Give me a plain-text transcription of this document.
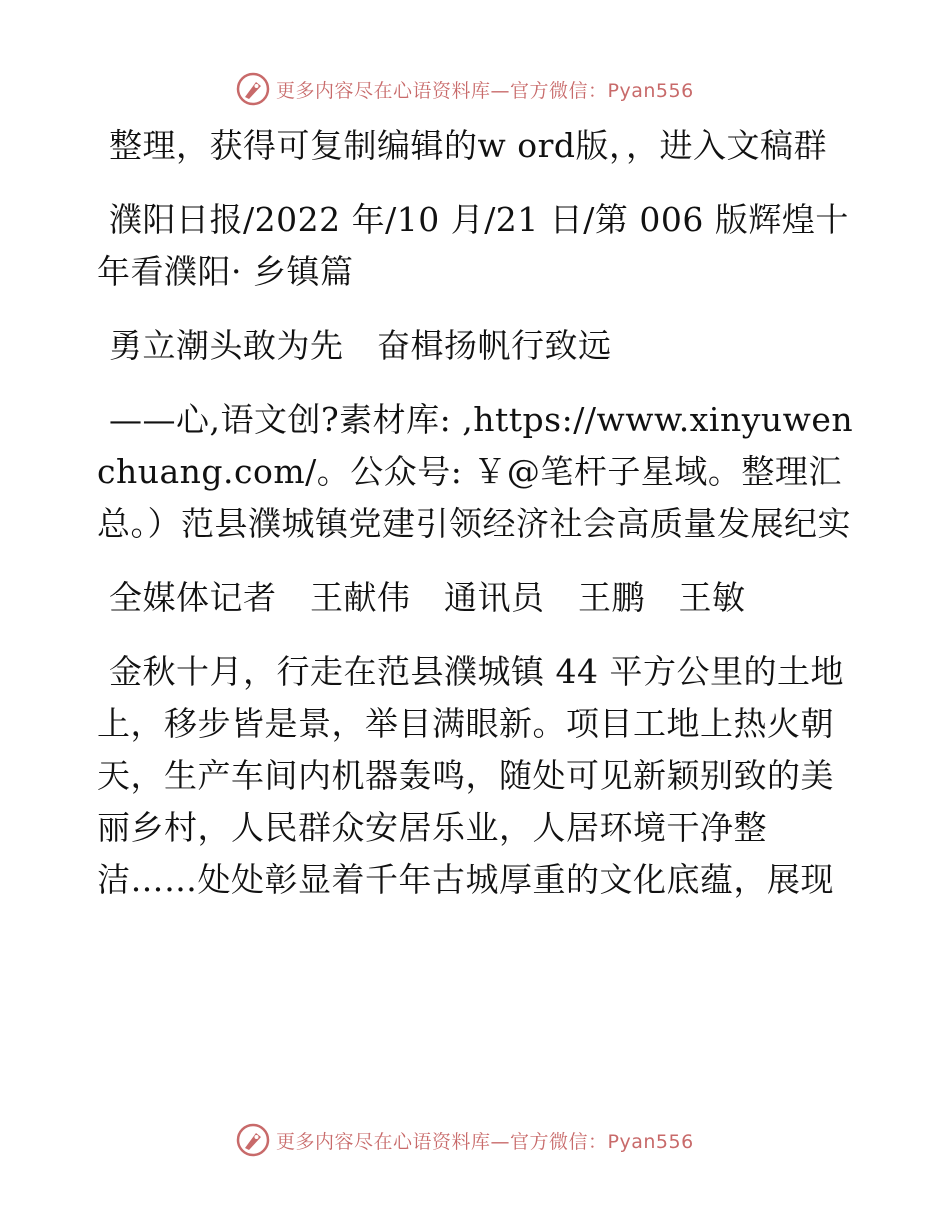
更多内容尽在心语资料库—官方微信：Pyan556

整理，获得可复制编辑的w ord版，，进入文稿群

濮阳日报/2022 年/10 月/21 日/第 006 版辉煌十年看濮阳· 乡镇篇

勇立潮头敢为先　奋楫扬帆行致远

——心,语文创?素材库: ,https://www.xinyuwenchuang.com/。公众号: ￥@笔杆子星域。整理汇总。）范县濮城镇党建引领经济社会高质量发展纪实

全媒体记者　王献伟　通讯员　王鹏　王敏

金秋十月，行走在范县濮城镇 44 平方公里的土地上，移步皆是景，举目满眼新。项目工地上热火朝天，生产车间内机器轰鸣，随处可见新颖别致的美丽乡村，人民群众安居乐业，人居环境干净整洁……处处彰显着千年古城厚重的文化底蕴，展现

更多内容尽在心语资料库—官方微信：Pyan556
